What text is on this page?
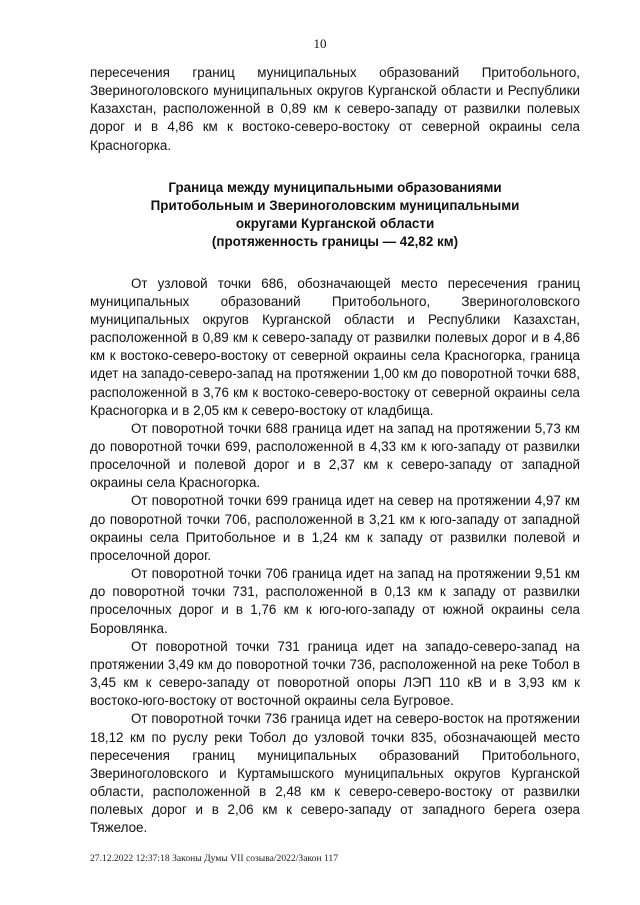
10

пересечения границ муниципальных образований Притобольного, Звериноголовского муниципальных округов Курганской области и Республики Казахстан, расположенной в 0,89 км к северо-западу от развилки полевых дорог и в 4,86 км к востоко-северо-востоку от северной окраины села Красногорка.

Граница между муниципальными образованиями
Притобольным и Звериноголовским муниципальными
округами Курганской области
(протяженность границы — 42,82 км)

От узловой точки 686, обозначающей место пересечения границ муниципальных образований Притобольного, Звериноголовского муниципальных округов Курганской области и Республики Казахстан, расположенной в 0,89 км к северо-западу от развилки полевых дорог и в 4,86 км к востоко-северо-востоку от северной окраины села Красногорка, граница идет на западо-северо-запад на протяжении 1,00 км до поворотной точки 688, расположенной в 3,76 км к востоко-северо-востоку от северной окраины села Красногорка и в 2,05 км к северо-востоку от кладбища.

От поворотной точки 688 граница идет на запад на протяжении 5,73 км до поворотной точки 699, расположенной в 4,33 км к юго-западу от развилки проселочной и полевой дорог и в 2,37 км к северо-западу от западной окраины села Красногорка.

От поворотной точки 699 граница идет на север на протяжении 4,97 км до поворотной точки 706, расположенной в 3,21 км к юго-западу от западной окраины села Притобольное и в 1,24 км к западу от развилки полевой и проселочной дорог.

От поворотной точки 706 граница идет на запад на протяжении 9,51 км до поворотной точки 731, расположенной в 0,13 км к западу от развилки проселочных дорог и в 1,76 км к юго-юго-западу от южной окраины села Боровлянка.

От поворотной точки 731 граница идет на западо-северо-запад на протяжении 3,49 км до поворотной точки 736, расположенной на реке Тобол в 3,45 км к северо-западу от поворотной опоры ЛЭП 110 кВ и в 3,93 км к востоко-юго-востоку от восточной окраины села Бугровое.

От поворотной точки 736 граница идет на северо-восток на протяжении 18,12 км по руслу реки Тобол до узловой точки 835, обозначающей место пересечения границ муниципальных образований Притобольного, Звериноголовского и Куртамышского муниципальных округов Курганской области, расположенной в 2,48 км к северо-северо-востоку от развилки полевых дорог и в 2,06 км к северо-западу от западного берега озера Тяжелое.

27.12.2022 12:37:18 Законы Думы VII созыва/2022/Закон 117
